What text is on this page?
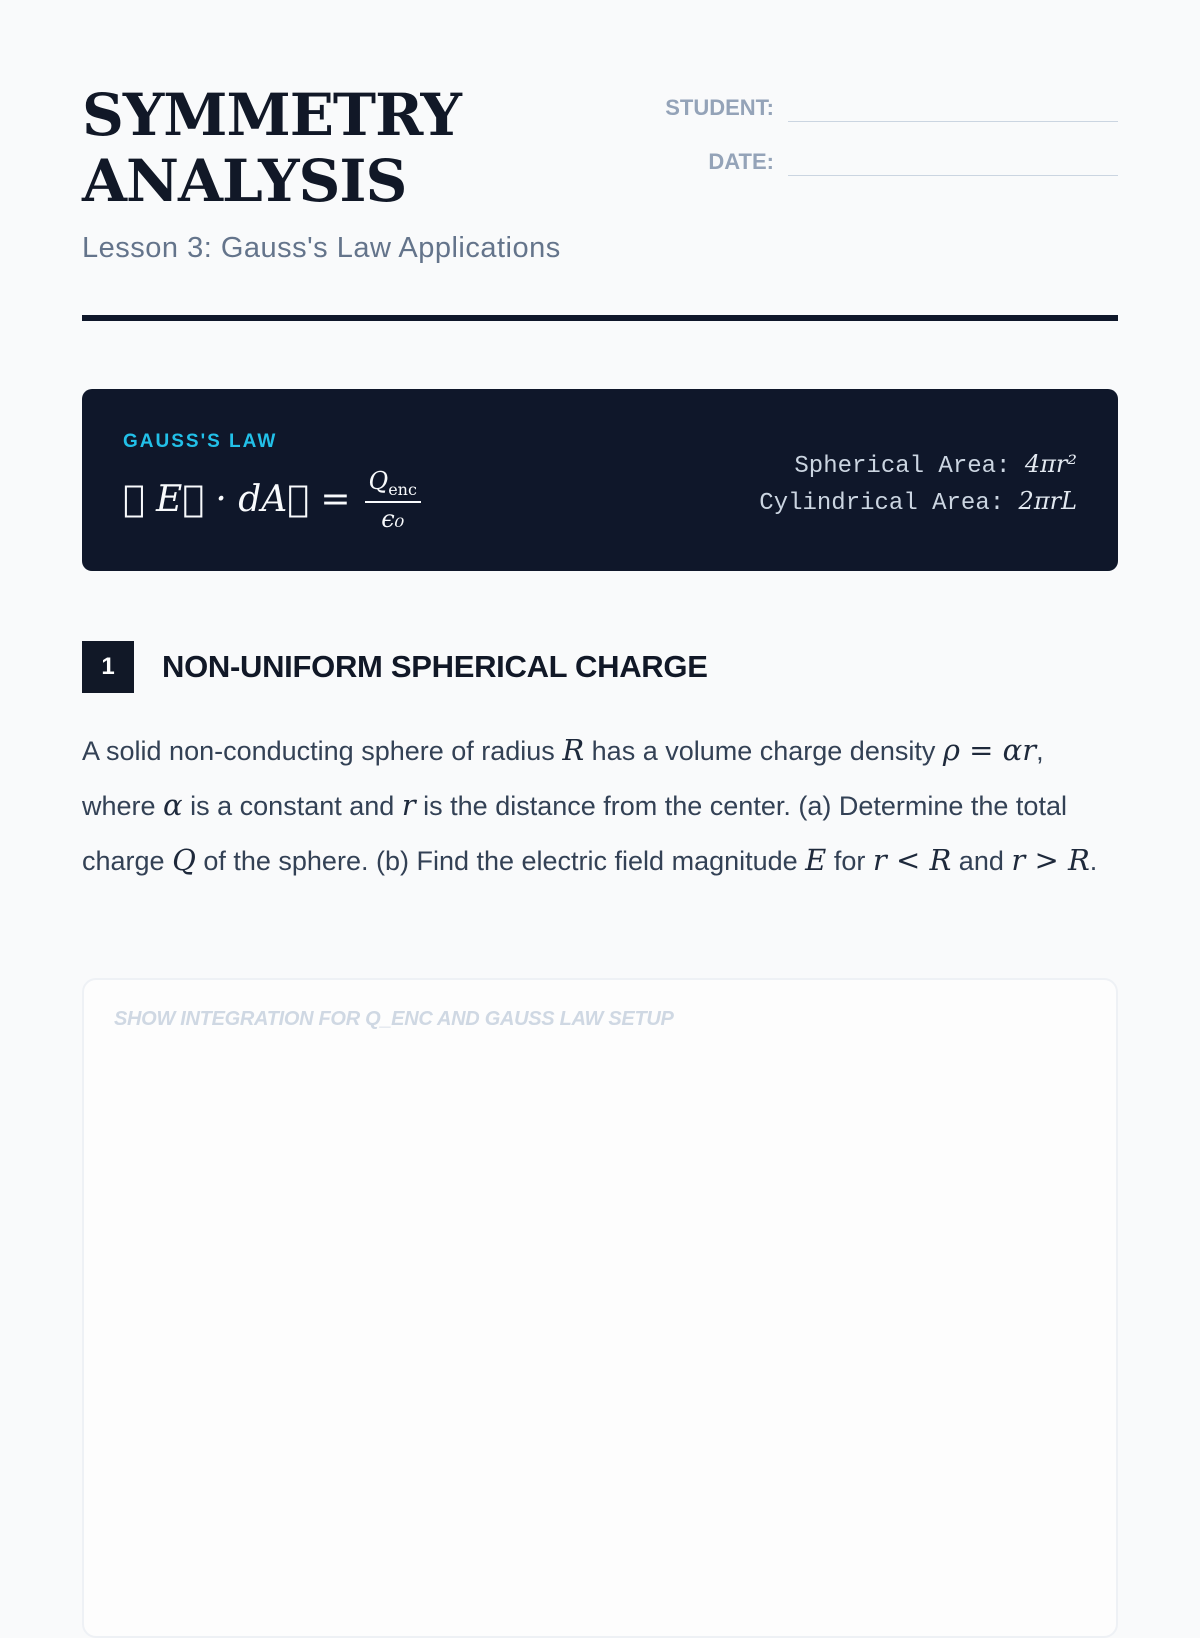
SYMMETRY
ANALYSIS
Lesson 3: Gauss's Law Applications
STUDENT:
DATE:
GAUSS'S LAW
∮ E⃗ · dA⃗ = $\frac{Q_{enc}}{\text{ϵ₀}}$
Spherical Area: 4πr²
Cylindrical Area: 2πrL
1	NON-UNIFORM SPHERICAL CHARGE
A solid non-conducting sphere of radius R has a volume charge density ρ = αr, where α is a constant and r is the distance from the center. (a) Determine the total charge Q of the sphere. (b) Find the electric field magnitude E for r < R and r > R.
SHOW INTEGRATION FOR Q_ENC AND GAUSS LAW SETUP
